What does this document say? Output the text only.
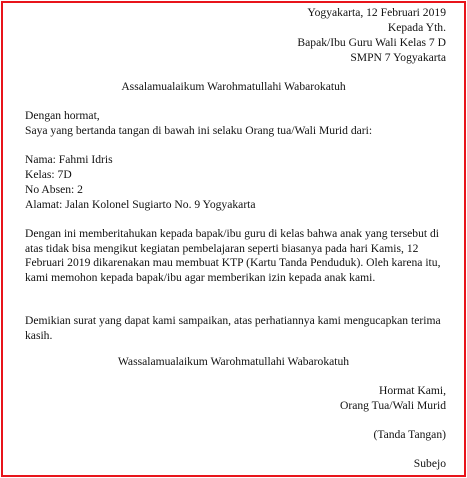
Yogyakarta, 12 Februari 2019
Kepada Yth.
Bapak/Ibu Guru Wali Kelas 7 D
SMPN 7 Yogyakarta
Assalamualaikum Warohmatullahi Wabarokatuh
Dengan hormat,
Saya yang bertanda tangan di bawah ini selaku Orang tua/Wali Murid dari:
Nama: Fahmi Idris
Kelas: 7D
No Absen: 2
Alamat: Jalan Kolonel Sugiarto No. 9 Yogyakarta
Dengan ini memberitahukan kepada bapak/ibu guru di kelas bahwa anak yang tersebut di atas tidak bisa mengikut kegiatan pembelajaran seperti biasanya pada hari Kamis, 12 Februari 2019 dikarenakan mau membuat KTP (Kartu Tanda Penduduk). Oleh karena itu, kami memohon kepada bapak/ibu agar memberikan izin kepada anak kami.
Demikian surat yang dapat kami sampaikan, atas perhatiannya kami mengucapkan terima kasih.
Wassalamualaikum Warohmatullahi Wabarokatuh
Hormat Kami,
Orang Tua/Wali Murid
(Tanda Tangan)
Subejo
